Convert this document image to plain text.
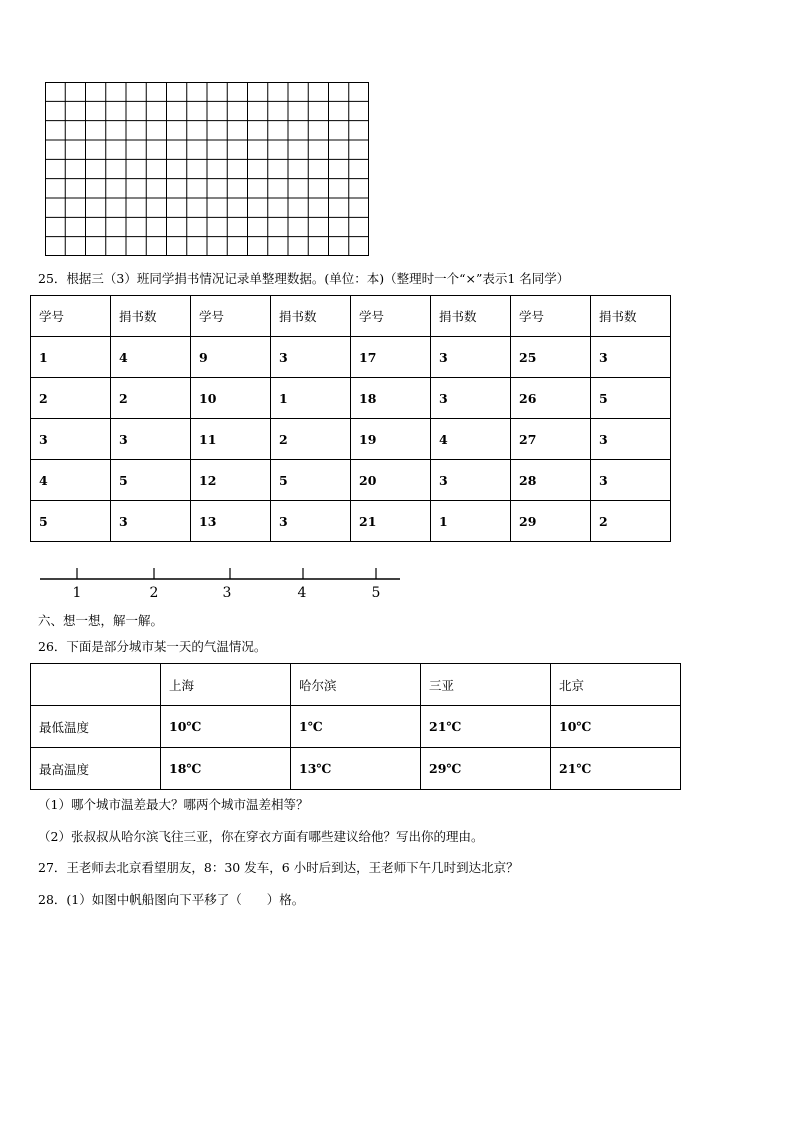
25．根据三（3）班同学捐书情况记录单整理数据。(单位：本)（整理时一个“×”表示1 名同学）
学号	捐书数	学号	捐书数	学号	捐书数	学号	捐书数
1	4	9	3	17	3	25	3
2	2	10	1	18	3	26	5
3	3	11	2	19	4	27	3
4	5	12	5	20	3	28	3
5	3	13	3	21	1	29	2
1	2	3	4	5
六、想一想，解一解。
26．下面是部分城市某一天的气温情况。
	上海	哈尔滨	三亚	北京
最低温度	10℃	1℃	21℃	10℃
最高温度	18℃	13℃	29℃	21℃
（1）哪个城市温差最大？哪两个城市温差相等？
（2）张叔叔从哈尔滨飞往三亚，你在穿衣方面有哪些建议给他？写出你的理由。
27．王老师去北京看望朋友，8：30 发车，6 小时后到达，王老师下午几时到达北京？
28．(1）如图中帆船图向下平移了（　　）格。
